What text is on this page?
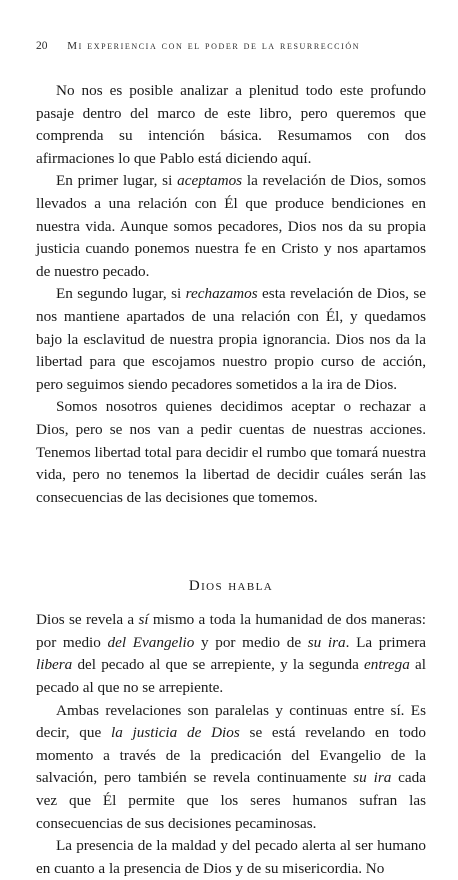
20 Mi experiencia con el poder de la resurrección

No nos es posible analizar a plenitud todo este profundo pasaje dentro del marco de este libro, pero queremos que comprenda su intención básica. Resumamos con dos afirmaciones lo que Pablo está diciendo aquí.

En primer lugar, si aceptamos la revelación de Dios, somos llevados a una relación con Él que produce bendiciones en nuestra vida. Aunque somos pecadores, Dios nos da su propia justicia cuando ponemos nuestra fe en Cristo y nos apartamos de nuestro pecado.

En segundo lugar, si rechazamos esta revelación de Dios, se nos mantiene apartados de una relación con Él, y quedamos bajo la esclavitud de nuestra propia ignorancia. Dios nos da la libertad para que escojamos nuestro propio curso de acción, pero seguimos siendo pecadores sometidos a la ira de Dios.

Somos nosotros quienes decidimos aceptar o rechazar a Dios, pero se nos van a pedir cuentas de nuestras acciones. Tenemos libertad total para decidir el rumbo que tomará nuestra vida, pero no tenemos la libertad de decidir cuáles serán las consecuencias de las decisiones que tomemos.

Dios habla

Dios se revela a sí mismo a toda la humanidad de dos maneras: por medio del Evangelio y por medio de su ira. La primera libera del pecado al que se arrepiente, y la segunda entrega al pecado al que no se arrepiente.

Ambas revelaciones son paralelas y continuas entre sí. Es decir, que la justicia de Dios se está revelando en todo momento a través de la predicación del Evangelio de la salvación, pero también se revela continuamente su ira cada vez que Él permite que los seres humanos sufran las consecuencias de sus decisiones pecaminosas.

La presencia de la maldad y del pecado alerta al ser humano en cuanto a la presencia de Dios y de su misericordia. No
